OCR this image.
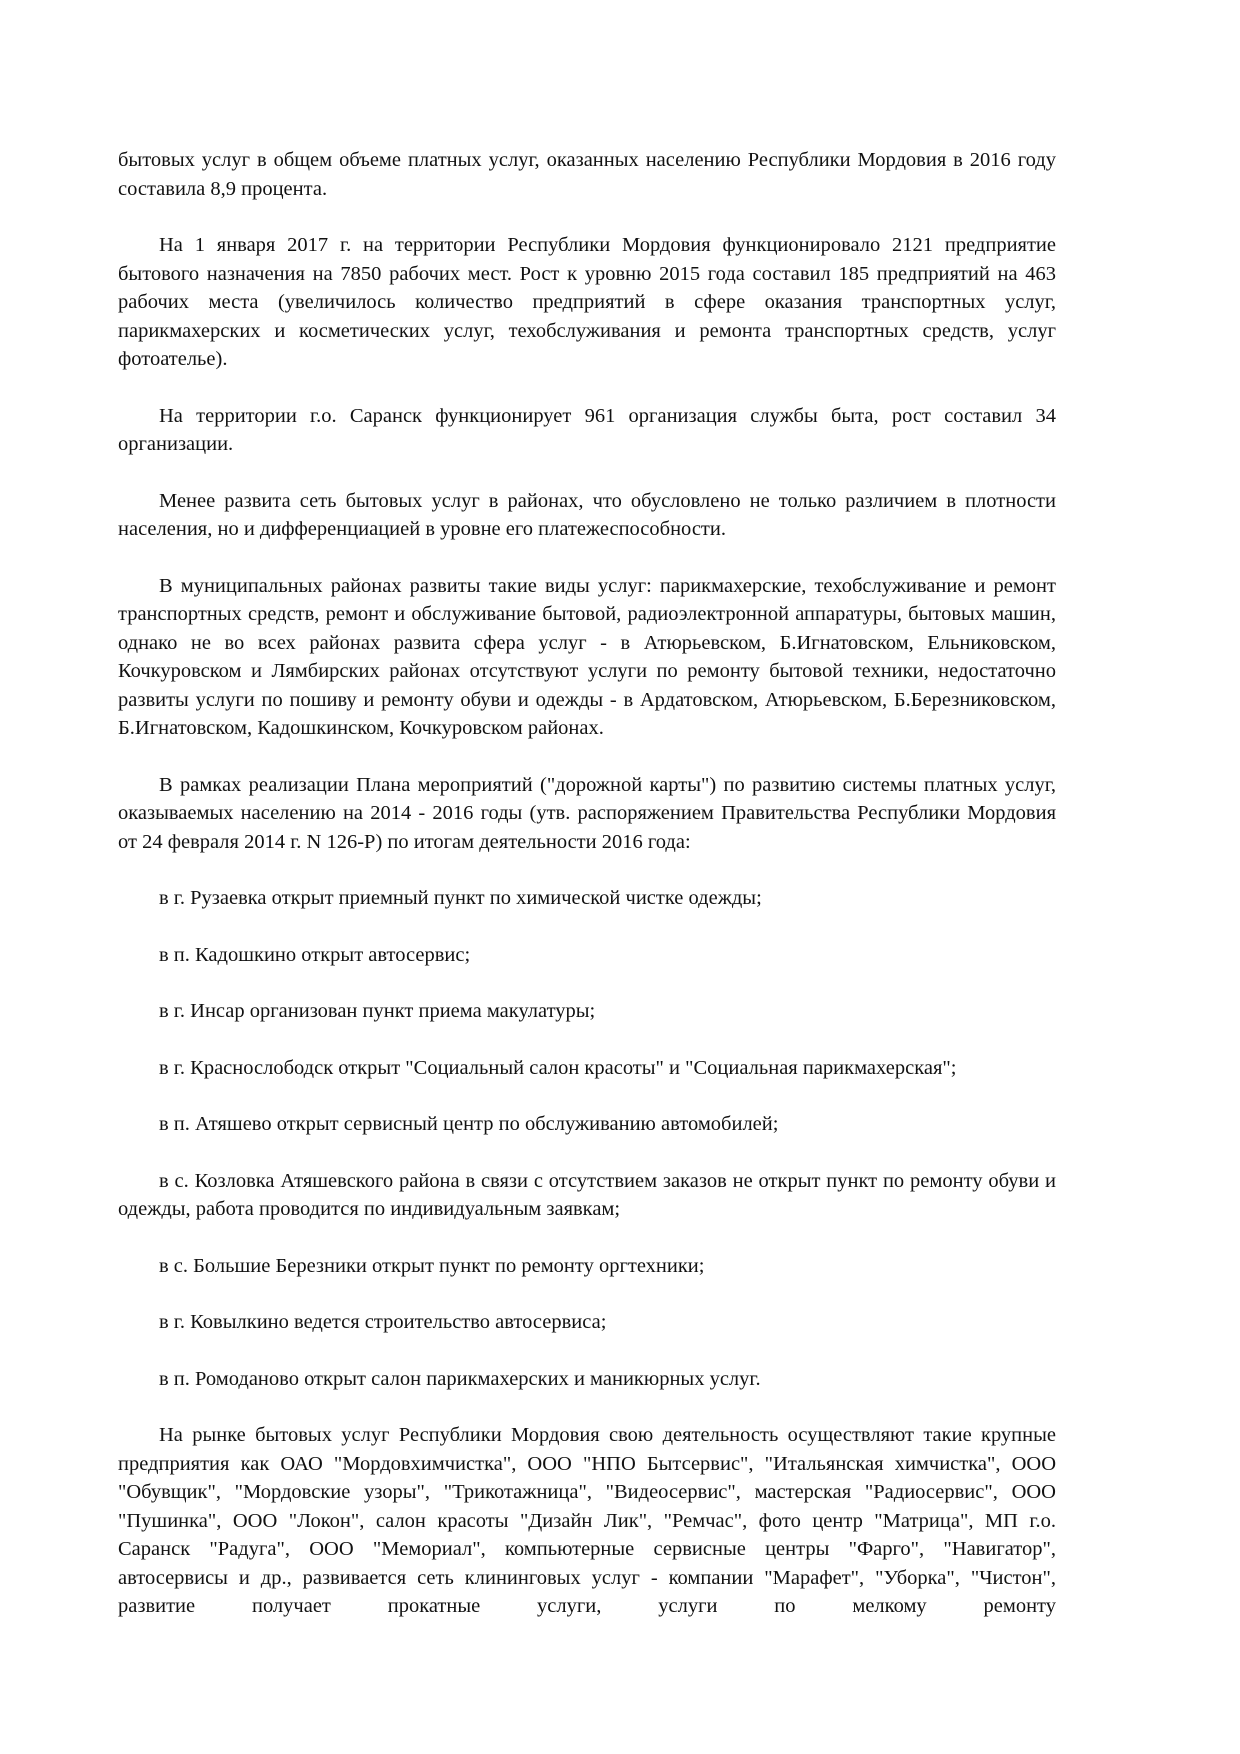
бытовых услуг в общем объеме платных услуг, оказанных населению Республики Мордовия в 2016 году составила 8,9 процента.

На 1 января 2017 г. на территории Республики Мордовия функционировало 2121 предприятие бытового назначения на 7850 рабочих мест. Рост к уровню 2015 года составил 185 предприятий на 463 рабочих места (увеличилось количество предприятий в сфере оказания транспортных услуг, парикмахерских и косметических услуг, техобслуживания и ремонта транспортных средств, услуг фотоателье).

На территории г.о. Саранск функционирует 961 организация службы быта, рост составил 34 организации.

Менее развита сеть бытовых услуг в районах, что обусловлено не только различием в плотности населения, но и дифференциацией в уровне его платежеспособности.

В муниципальных районах развиты такие виды услуг: парикмахерские, техобслуживание и ремонт транспортных средств, ремонт и обслуживание бытовой, радиоэлектронной аппаратуры, бытовых машин, однако не во всех районах развита сфера услуг - в Атюрьевском, Б.Игнатовском, Ельниковском, Кочкуровском и Лямбирских районах отсутствуют услуги по ремонту бытовой техники, недостаточно развиты услуги по пошиву и ремонту обуви и одежды - в Ардатовском, Атюрьевском, Б.Березниковском, Б.Игнатовском, Кадошкинском, Кочкуровском районах.

В рамках реализации Плана мероприятий ("дорожной карты") по развитию системы платных услуг, оказываемых населению на 2014 - 2016 годы (утв. распоряжением Правительства Республики Мордовия от 24 февраля 2014 г. N 126-Р) по итогам деятельности 2016 года:

в г. Рузаевка открыт приемный пункт по химической чистке одежды;

в п. Кадошкино открыт автосервис;

в г. Инсар организован пункт приема макулатуры;

в г. Краснослободск открыт "Социальный салон красоты" и "Социальная парикмахерская";

в п. Атяшево открыт сервисный центр по обслуживанию автомобилей;

в с. Козловка Атяшевского района в связи с отсутствием заказов не открыт пункт по ремонту обуви и одежды, работа проводится по индивидуальным заявкам;

в с. Большие Березники открыт пункт по ремонту оргтехники;

в г. Ковылкино ведется строительство автосервиса;

в п. Ромоданово открыт салон парикмахерских и маникюрных услуг.

На рынке бытовых услуг Республики Мордовия свою деятельность осуществляют такие крупные предприятия как ОАО "Мордовхимчистка", ООО "НПО Бытсервис", "Итальянская химчистка", ООО "Обувщик", "Мордовские узоры", "Трикотажница", "Видеосервис", мастерская "Радиосервис", ООО "Пушинка", ООО "Локон", салон красоты "Дизайн Лик", "Ремчас", фото центр "Матрица", МП г.о. Саранск "Радуга", ООО "Мемориал", компьютерные сервисные центры "Фарго", "Навигатор", автосервисы и др., развивается сеть клининговых услуг - компании "Марафет", "Уборка", "Чистон", развитие получает прокатные услуги, услуги по мелкому ремонту
